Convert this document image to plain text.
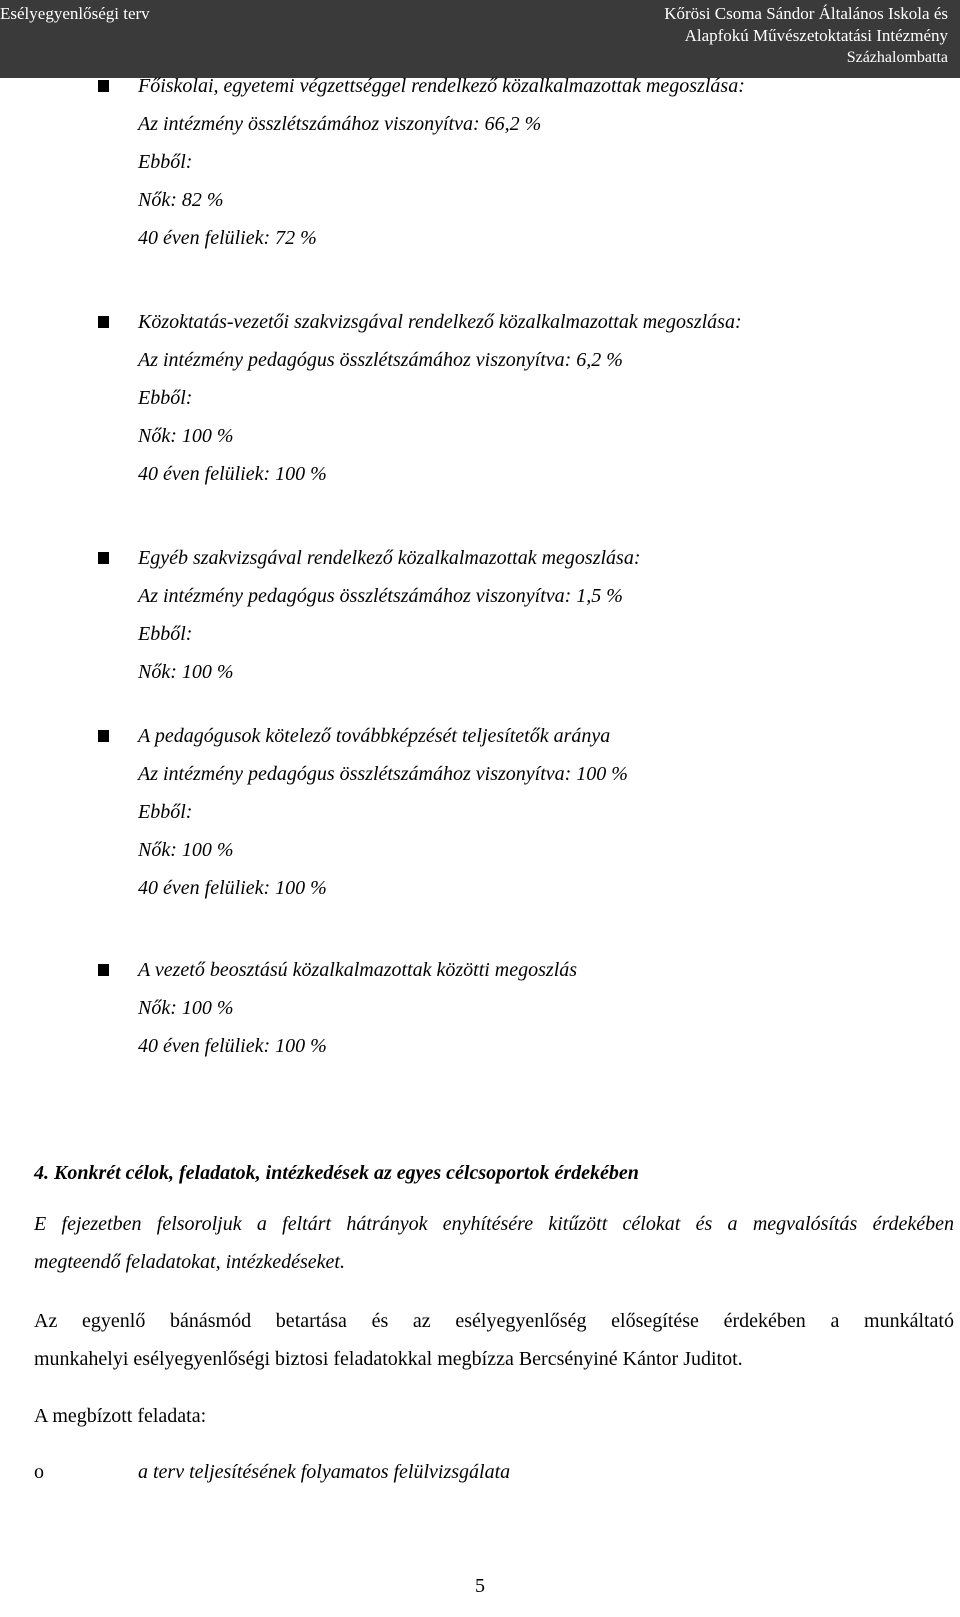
Esélyegyenlőségi terv	Kőrösi Csoma Sándor Általános Iskola és
Alapfokú Művészetoktatási Intézmény
Százhalombatta
Főiskolai, egyetemi végzettséggel rendelkező közalkalmazottak megoszlása:
Az intézmény összlétszámához viszonyítva: 66,2 %
Ebből:
Nők: 82 %
40 éven felüliek: 72 %
Közoktatás-vezetői szakvizsgával rendelkező közalkalmazottak megoszlása:
Az intézmény pedagógus összlétszámához viszonyítva: 6,2 %
Ebből:
Nők: 100 %
40 éven felüliek: 100 %
Egyéb szakvizsgával rendelkező közalkalmazottak megoszlása:
Az intézmény pedagógus összlétszámához viszonyítva: 1,5 %
Ebből:
Nők: 100 %
A pedagógusok kötelező továbbképzését teljesítetők aránya
Az intézmény pedagógus összlétszámához viszonyítva: 100 %
Ebből:
Nők: 100 %
40 éven felüliek: 100 %
A vezető beosztású közalkalmazottak közötti megoszlás
Nők: 100 %
40 éven felüliek: 100 %
4. Konkrét célok, feladatok, intézkedések az egyes célcsoportok érdekében
E fejezetben felsoroljuk a feltárt hátrányok enyhítésére kitűzött célokat és a megvalósítás érdekében
megteendő feladatokat, intézkedéseket.
Az egyenlő bánásmód betartása és az esélyegyenlőség elősegítése érdekében a munkáltató
munkahelyi esélyegyenlőségi biztosi feladatokkal megbízza Bercsényiné Kántor Juditot.
A megbízott feladata:
o	a terv teljesítésének folyamatos felülvizsgálata
5
